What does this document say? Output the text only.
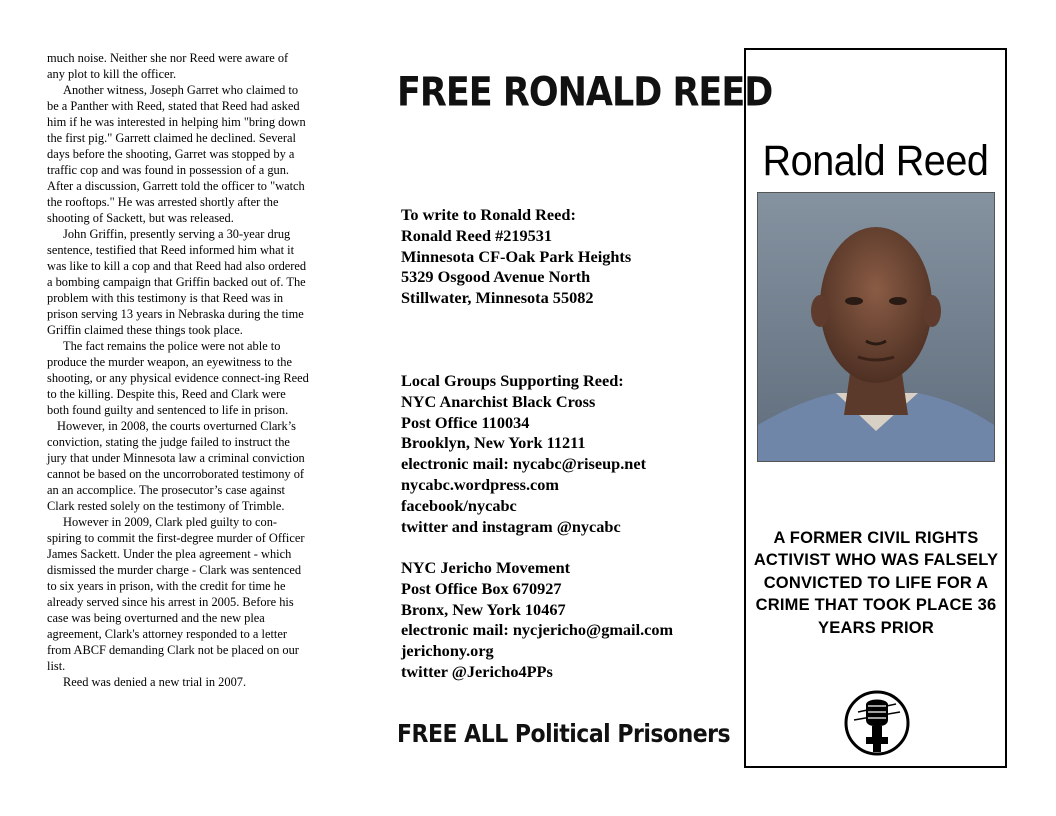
much noise. Neither she nor Reed were aware of any plot to kill the officer.

Another witness, Joseph Garret who claimed to be a Panther with Reed, stated that Reed had asked him if he was interested in helping him "bring down the first pig." Garrett claimed he declined. Several days before the shooting, Garret was stopped by a traffic cop and was found in possession of a gun. After a discussion, Garrett told the officer to "watch the rooftops." He was arrested shortly after the shooting of Sackett, but was released.

John Griffin, presently serving a 30-year drug sentence, testified that Reed informed him what it was like to kill a cop and that Reed had also ordered a bombing campaign that Griffin backed out of. The problem with this testimony is that Reed was in prison serving 13 years in Nebraska during the time Griffin claimed these things took place.

The fact remains the police were not able to produce the murder weapon, an eyewitness to the shooting, or any physical evidence connect-ing Reed to the killing. Despite this, Reed and Clark were both found guilty and sentenced to life in prison.

However, in 2008, the courts overturned Clark’s conviction, stating the judge failed to instruct the jury that under Minnesota law a criminal conviction cannot be based on the uncorroborated testimony of an an accomplice. The prosecutor’s case against Clark rested solely on the testimony of Trimble.

However in 2009, Clark pled guilty to con-spiring to commit the first-degree murder of Officer James Sackett. Under the plea agreement - which dismissed the murder charge - Clark was sentenced to six years in prison, with the credit for time he already served since his arrest in 2005. Before his case was being overturned and the new plea agreement, Clark's attorney responded to a letter from ABCF demanding Clark not be placed on our list.

Reed was denied a new trial in 2007.

FREE RONALD REED
To write to Ronald Reed:
Ronald Reed #219531
Minnesota CF-Oak Park Heights
5329 Osgood Avenue North
Stillwater, Minnesota 55082
Local Groups Supporting Reed:
NYC Anarchist Black Cross
Post Office 110034
Brooklyn, New York 11211
electronic mail: nycabc@riseup.net
nycabc.wordpress.com
facebook/nycabc
twitter and instagram @nycabc
NYC Jericho Movement
Post Office Box 670927
Bronx, New York 10467
electronic mail: nycjericho@gmail.com
jerichony.org
twitter @Jericho4PPs
FREE ALL Political Prisoners
Ronald Reed
A FORMER CIVIL RIGHTS
ACTIVIST WHO WAS FALSELY
CONVICTED TO LIFE FOR A
CRIME THAT TOOK PLACE 36
YEARS PRIOR
